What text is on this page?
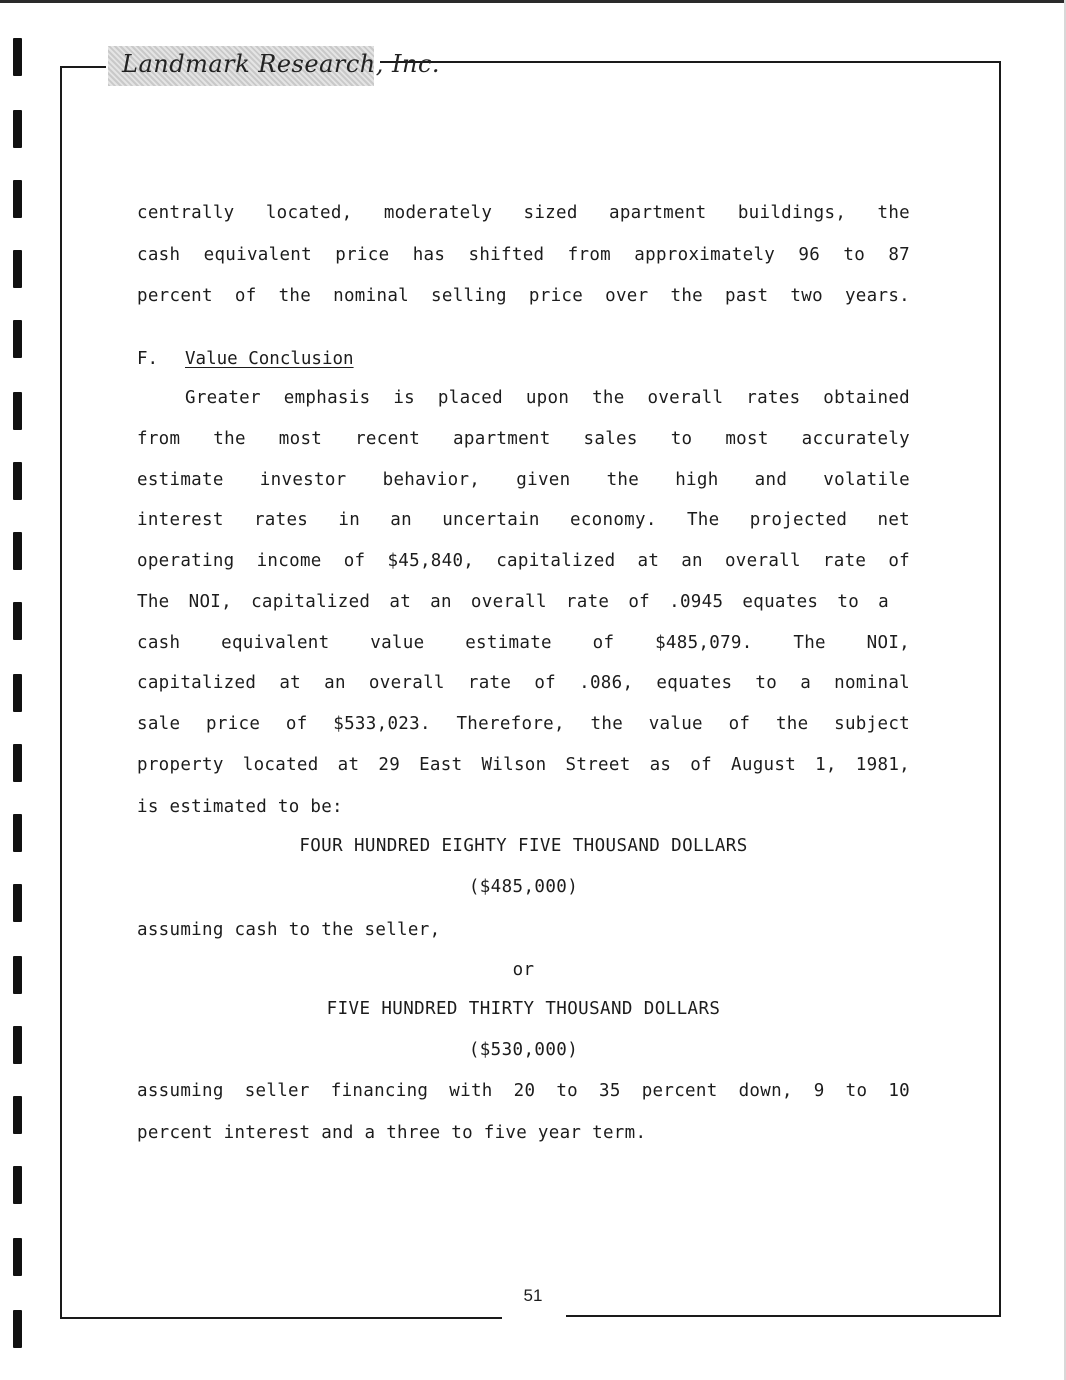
Landmark Research, Inc.

centrally located, moderately sized apartment buildings, the

cash equivalent price has shifted from approximately 96 to 87

percent of the nominal selling price over the past two years.

F. Value Conclusion

Greater emphasis is placed upon the overall rates obtained

from the most recent apartment sales to most accurately

estimate investor behavior, given the high and volatile

interest rates in an uncertain economy. The projected net

operating income of $45,840, capitalized at an overall rate of

The NOI, capitalized at an overall rate of .0945 equates to a

cash equivalent value estimate of $485,079. The NOI,

capitalized at an overall rate of .086, equates to a nominal

sale price of $533,023. Therefore, the value of the subject

property located at 29 East Wilson Street as of August 1, 1981,

is estimated to be:

FOUR HUNDRED EIGHTY FIVE THOUSAND DOLLARS

($485,000)

assuming cash to the seller,

or

FIVE HUNDRED THIRTY THOUSAND DOLLARS

($530,000)

assuming seller financing with 20 to 35 percent down, 9 to 10

percent interest and a three to five year term.

51
